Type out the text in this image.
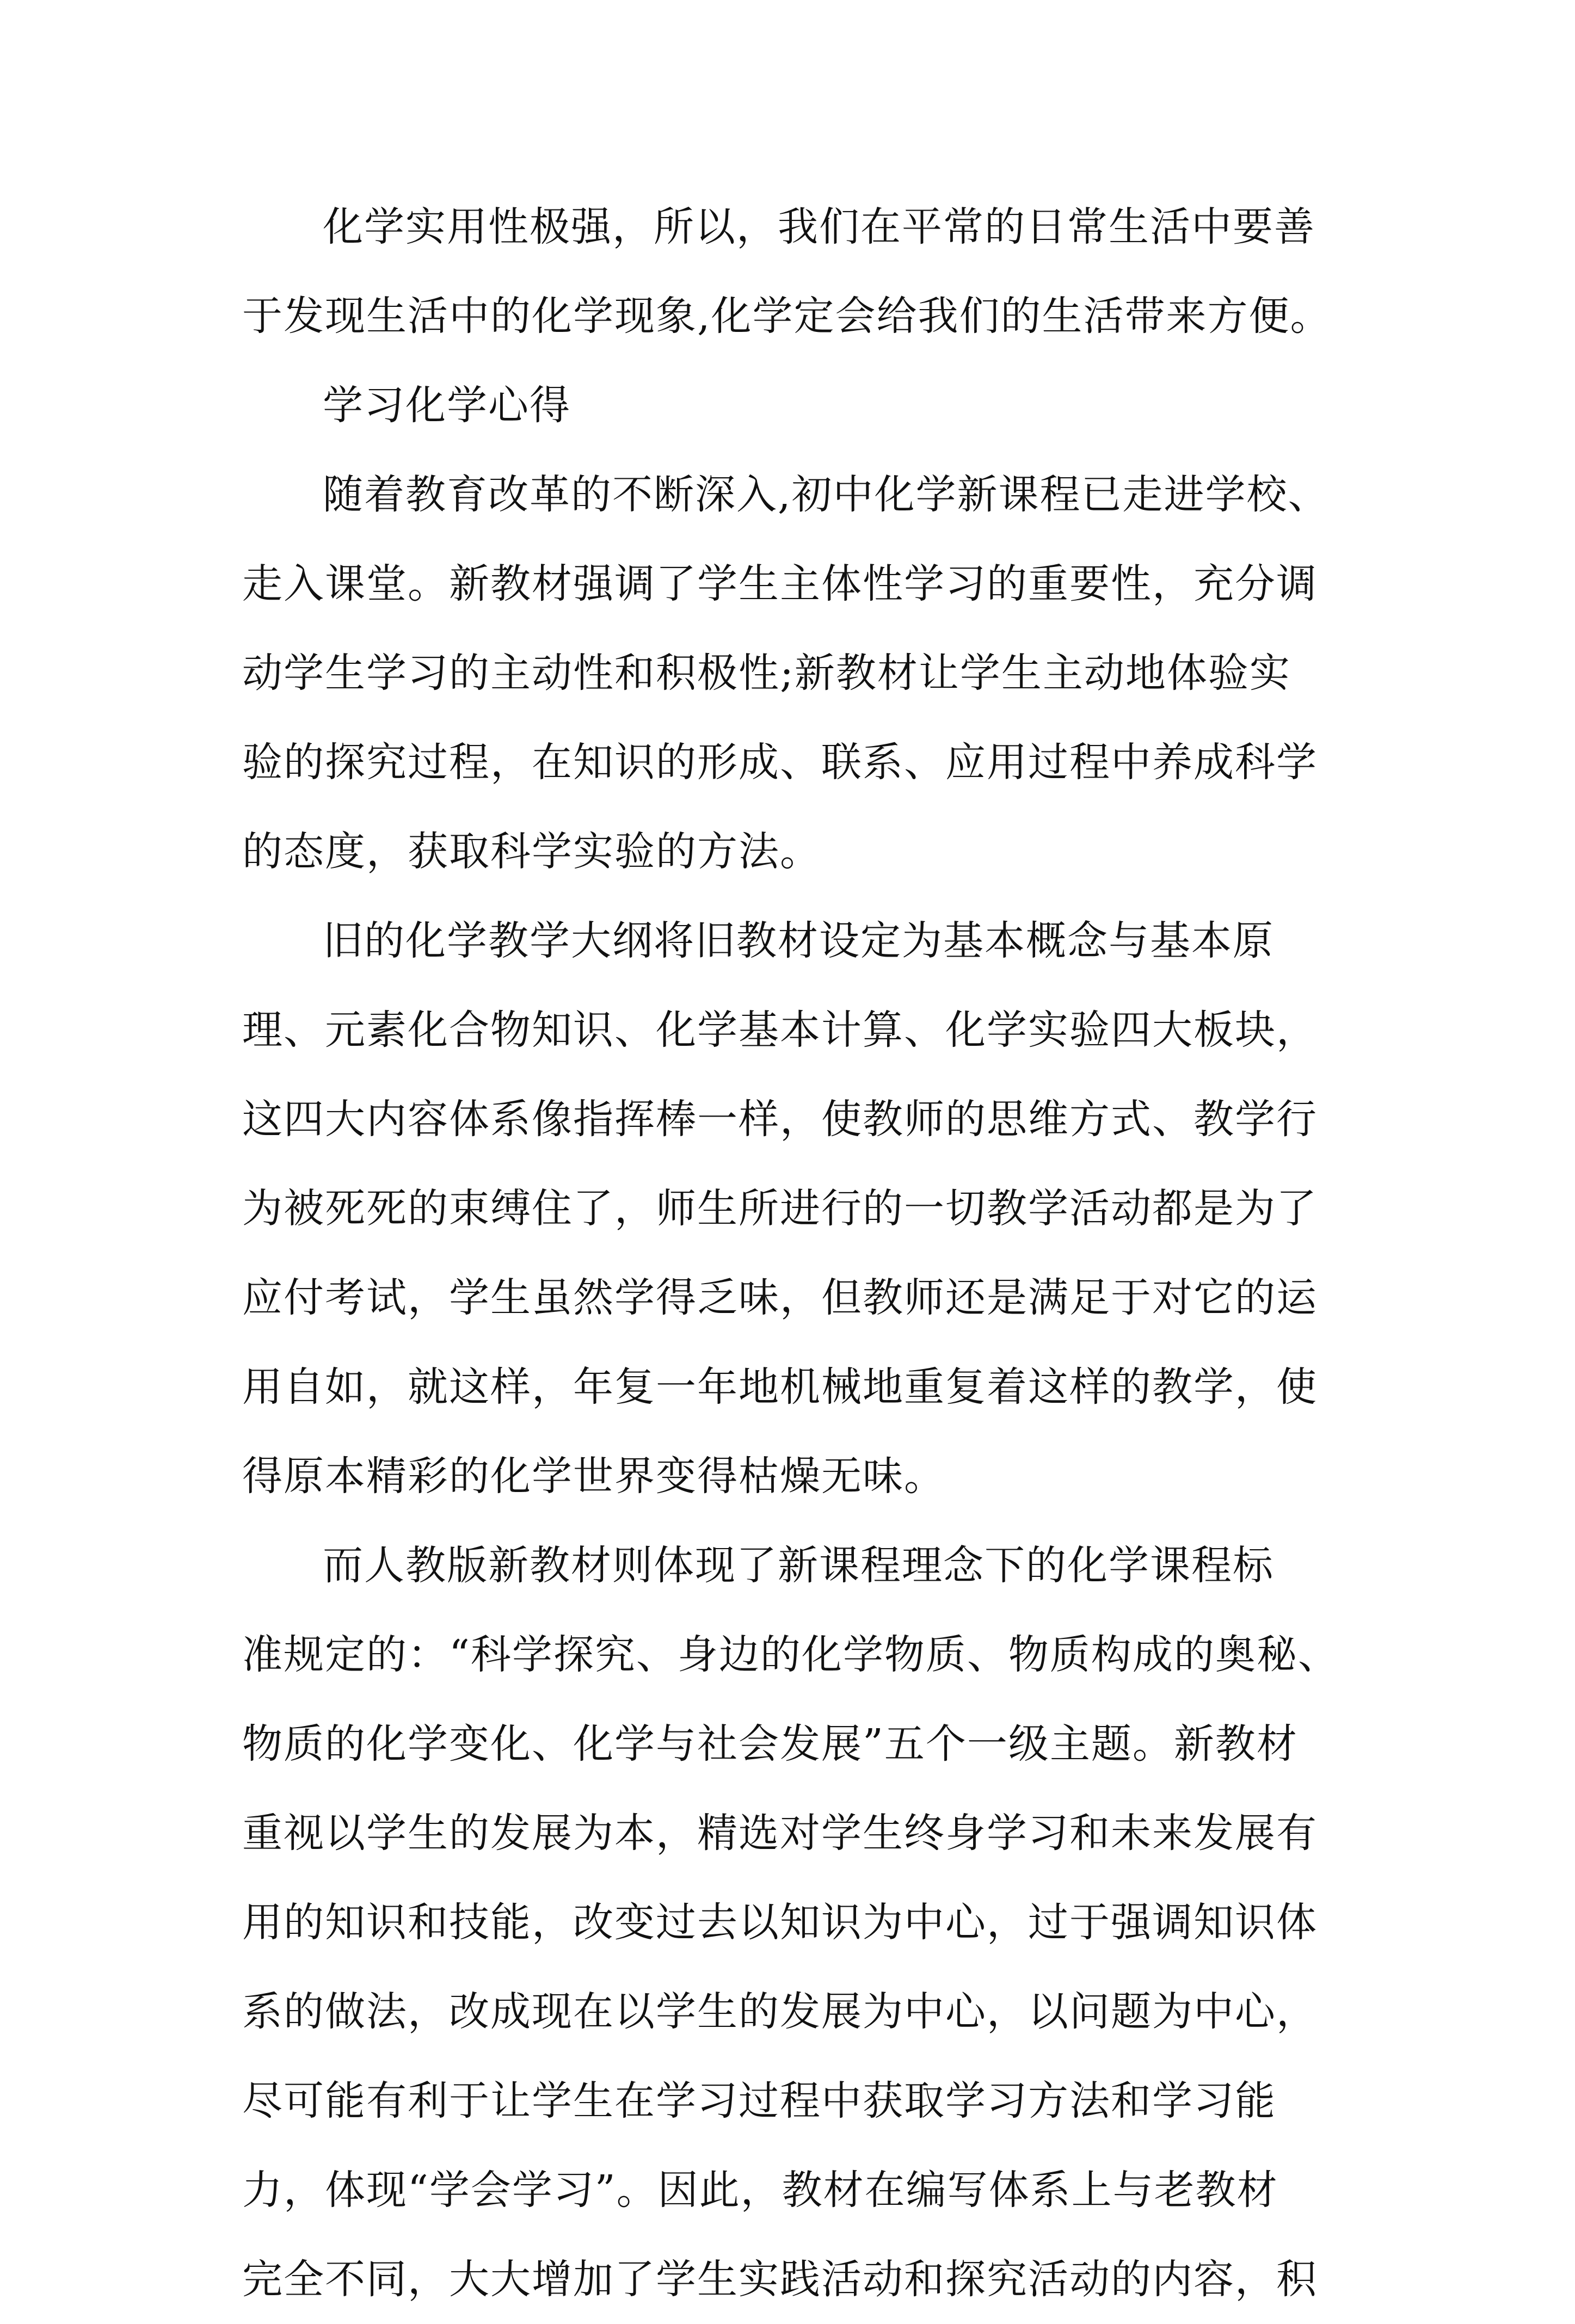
化学实用性极强，所以，我们在平常的日常生活中要善
于发现生活中的化学现象,化学定会给我们的生活带来方便。
学习化学心得
随着教育改革的不断深入,初中化学新课程已走进学校、
走入课堂。新教材强调了学生主体性学习的重要性，充分调
动学生学习的主动性和积极性;新教材让学生主动地体验实
验的探究过程，在知识的形成、联系、应用过程中养成科学
的态度，获取科学实验的方法。
旧的化学教学大纲将旧教材设定为基本概念与基本原
理、元素化合物知识、化学基本计算、化学实验四大板块，
这四大内容体系像指挥棒一样，使教师的思维方式、教学行
为被死死的束缚住了，师生所进行的一切教学活动都是为了
应付考试，学生虽然学得乏味，但教师还是满足于对它的运
用自如，就这样，年复一年地机械地重复着这样的教学，使
得原本精彩的化学世界变得枯燥无味。
而人教版新教材则体现了新课程理念下的化学课程标
准规定的：“科学探究、身边的化学物质、物质构成的奥秘、
物质的化学变化、化学与社会发展”五个一级主题。新教材
重视以学生的发展为本，精选对学生终身学习和未来发展有
用的知识和技能，改变过去以知识为中心，过于强调知识体
系的做法，改成现在以学生的发展为中心，以问题为中心，
尽可能有利于让学生在学习过程中获取学习方法和学习能
力，体现“学会学习”。因此，教材在编写体系上与老教材
完全不同，大大增加了学生实践活动和探究活动的内容，积
